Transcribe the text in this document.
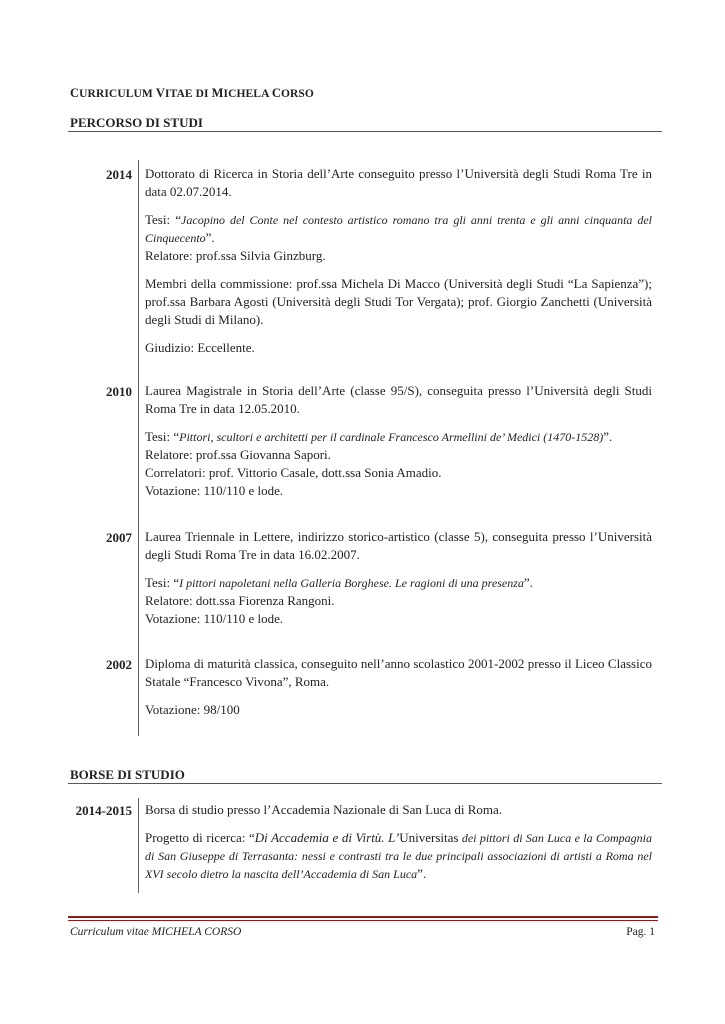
CURRICULUM VITAE DI MICHELA CORSO
PERCORSO DI STUDI
2014 Dottorato di Ricerca in Storia dell’Arte conseguito presso l’Università degli Studi Roma Tre in data 02.07.2014.

Tesi: “Jacopino del Conte nel contesto artistico romano tra gli anni trenta e gli anni cinquanta del Cinquecento”.

Relatore: prof.ssa Silvia Ginzburg.

Membri della commissione: prof.ssa Michela Di Macco (Università degli Studi “La Sapienza”); prof.ssa Barbara Agosti (Università degli Studi Tor Vergata); prof. Giorgio Zanchetti (Università degli Studi di Milano).

Giudizio: Eccellente.

2010 Laurea Magistrale in Storia dell’Arte (classe 95/S), conseguita presso l’Università degli Studi Roma Tre in data 12.05.2010.

Tesi: “Pittori, scultori e architetti per il cardinale Francesco Armellini de’ Medici (1470-1528)”.

Relatore: prof.ssa Giovanna Sapori.

Correlatori: prof. Vittorio Casale, dott.ssa Sonia Amadio.

Votazione: 110/110 e lode.

2007 Laurea Triennale in Lettere, indirizzo storico-artistico (classe 5), conseguita presso l’Università degli Studi Roma Tre in data 16.02.2007.

Tesi: “I pittori napoletani nella Galleria Borghese. Le ragioni di una presenza”.

Relatore: dott.ssa Fiorenza Rangoni.

Votazione: 110/110 e lode.

2002 Diploma di maturità classica, conseguito nell’anno scolastico 2001-2002 presso il Liceo Classico Statale “Francesco Vivona”, Roma.

Votazione: 98/100

BORSE DI STUDIO
2014-2015 Borsa di studio presso l’Accademia Nazionale di San Luca di Roma.

Progetto di ricerca: “Di Accademia e di Virtù. L’Universitas dei pittori di San Luca e la Compagnia di San Giuseppe di Terrasanta: nessi e contrasti tra le due principali associazioni di artisti a Roma nel XVI secolo dietro la nascita dell’Accademia di San Luca”.

Curriculum vitae MICHELA CORSO	Pag. 1
